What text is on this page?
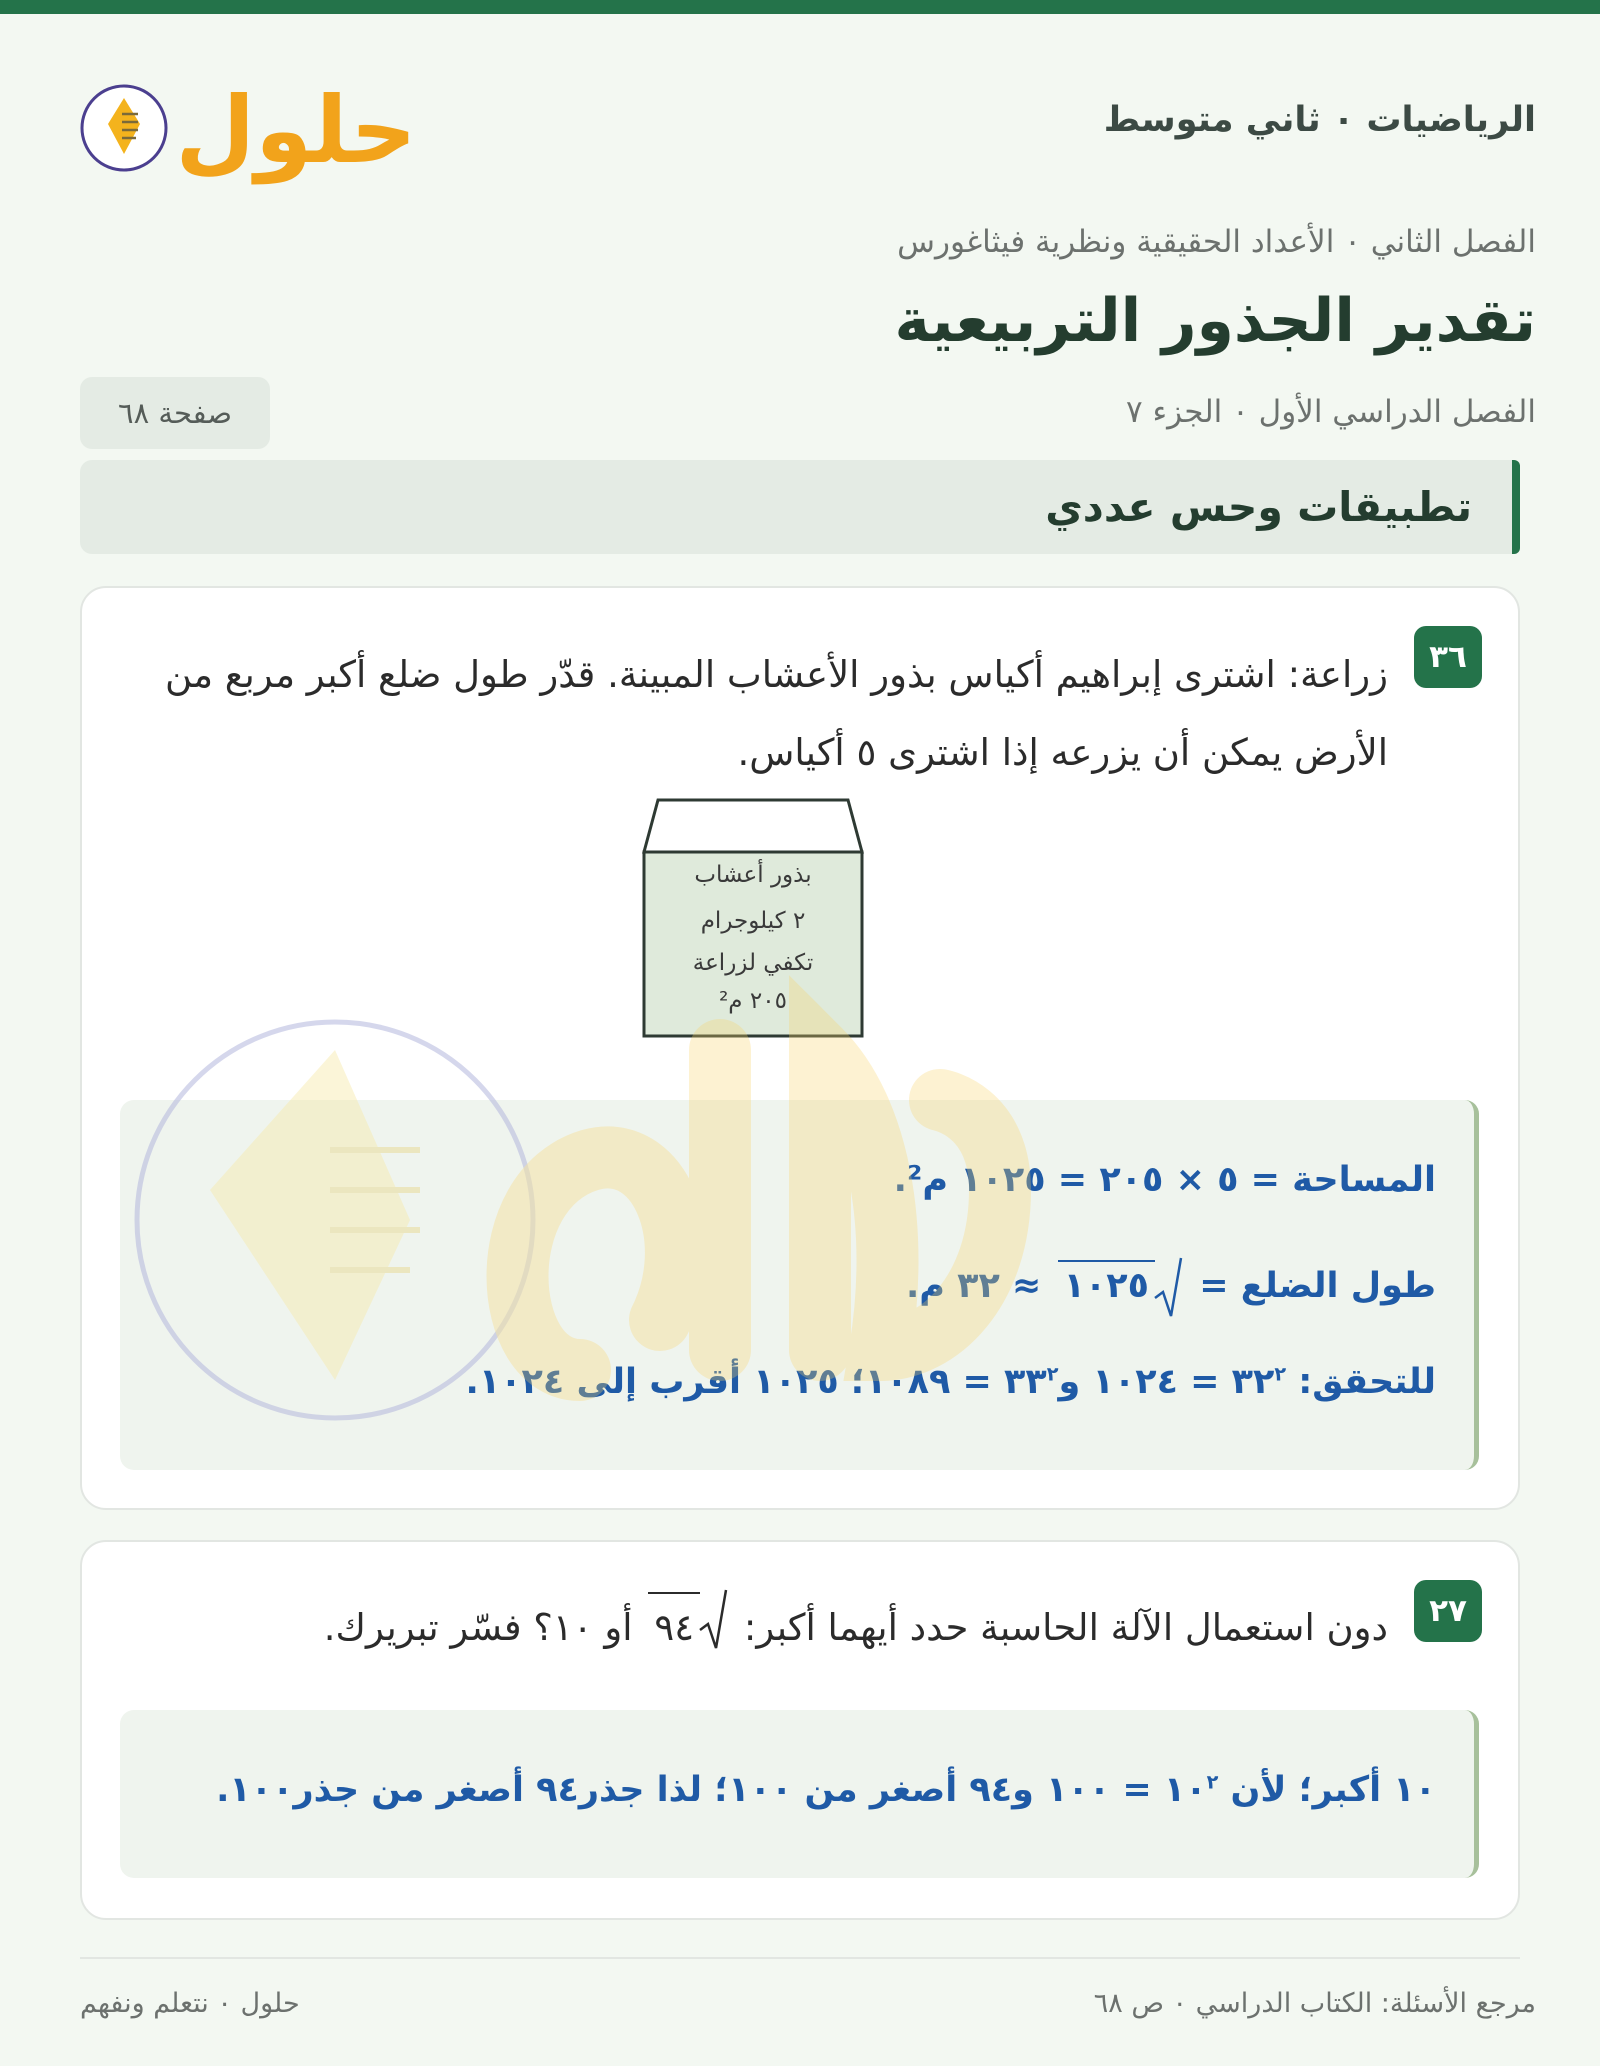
الرياضيات ٠ ثاني متوسط
حلول
الفصل الثاني ٠ الأعداد الحقيقية ونظرية فيثاغورس
تقدير الجذور التربيعية
الفصل الدراسي الأول ٠ الجزء ٧
صفحة ٦٨
تطبيقات وحس عددي
٣٦

زراعة: اشترى إبراهيم أكياس بذور الأعشاب المبينة. قدّر طول ضلع أكبر مربع من الأرض يمكن أن يزرعه إذا اشترى ٥ أكياس.

بذور أعشاب
٢ كيلوجرام
تكفي لزراعة
٢٠٥ م²

المساحة = ٥ × ٢٠٥ = ١٠٢٥ م².

طول الضلع =
١٠٢٥ ≈ ٣٢ م.

للتحقق: $٣٢^٢$ = ١٠٢٤ $و٣٣^٢$ = ١٠٨٩؛ ١٠٢٥ أقرب إلى ١٠٢٤.

٢٧

دون استعمال الآلة الحاسبة حدد أيهما أكبر:
٩٤ أو ١٠؟ فسّر تبريرك.

١٠ أكبر؛ لأن $١٠^٢$ = ١٠٠ و٩٤ أصغر من ١٠٠؛ لذا جذر٩٤ أصغر من جذر١٠٠.

مرجع الأسئلة: الكتاب الدراسي ٠ ص ٦٨
حلول ٠ نتعلم ونفهم
